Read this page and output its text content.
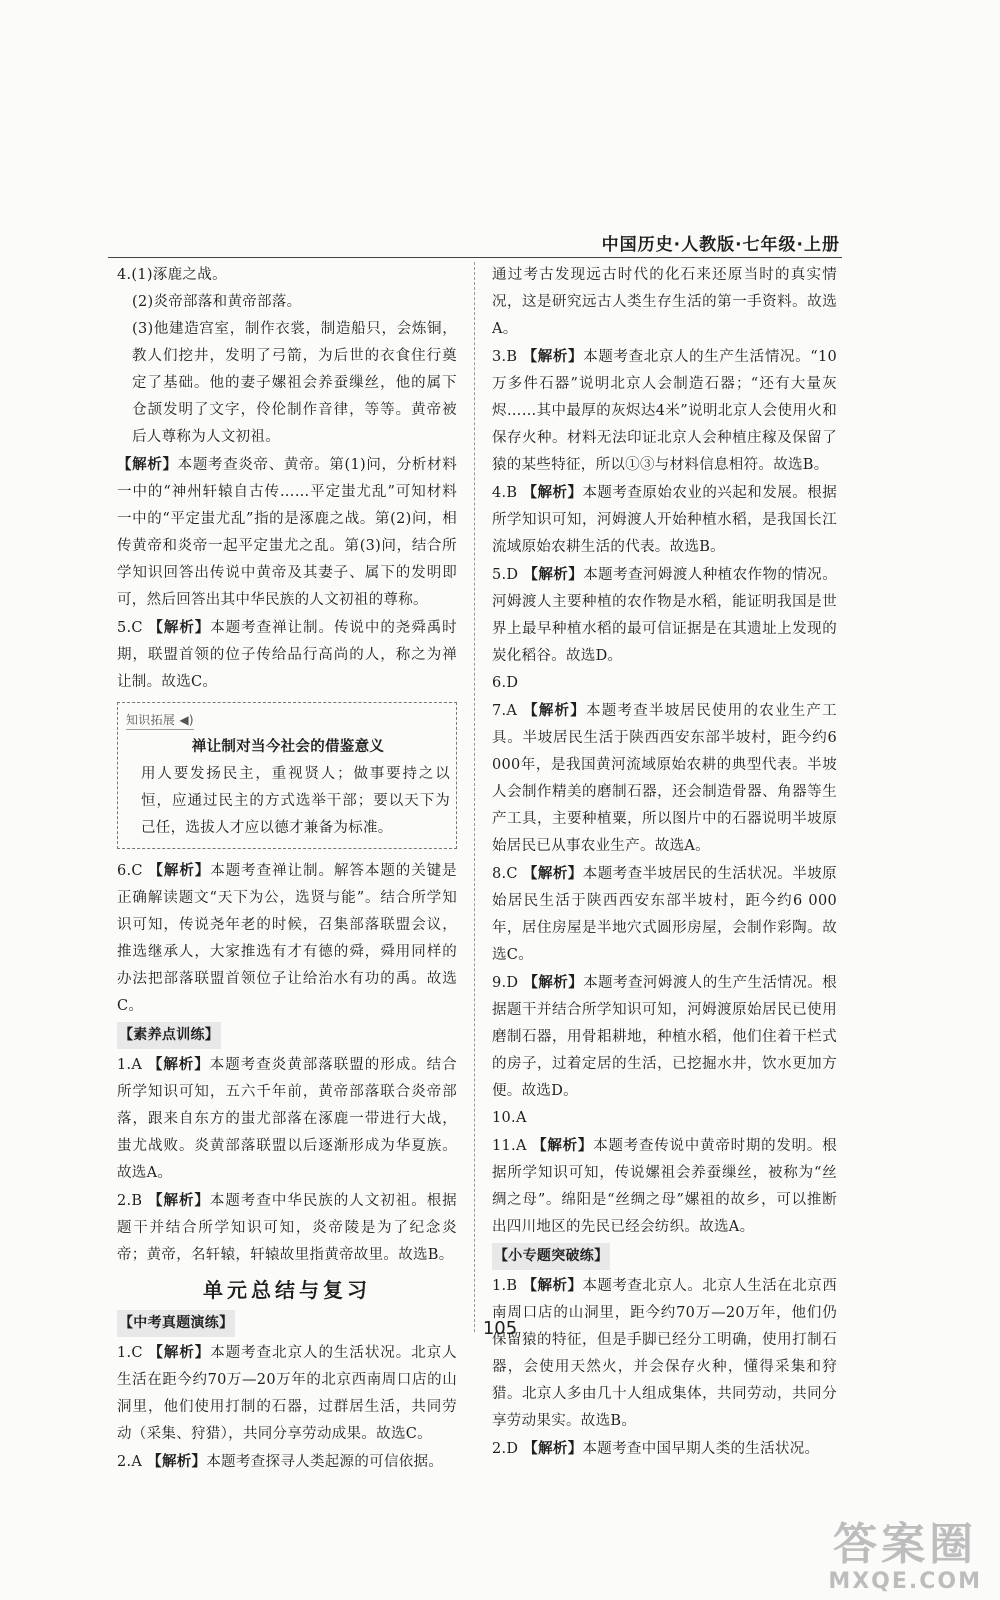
中国历史·人教版·七年级·上册

4.(1)涿鹿之战。

(2)炎帝部落和黄帝部落。

(3)他建造宫室，制作衣裳，制造船只，会炼铜，教人们挖井，发明了弓箭，为后世的衣食住行奠定了基础。他的妻子嫘祖会养蚕缫丝，他的属下仓颉发明了文字，伶伦制作音律，等等。黄帝被后人尊称为人文初祖。

【解析】本题考查炎帝、黄帝。第(1)问，分析材料一中的“神州轩辕自古传……平定蚩尤乱”可知材料一中的“平定蚩尤乱”指的是涿鹿之战。第(2)问，相传黄帝和炎帝一起平定蚩尤之乱。第(3)问，结合所学知识回答出传说中黄帝及其妻子、属下的发明即可，然后回答出其中华民族的人文初祖的尊称。

5.C 【解析】本题考查禅让制。传说中的尧舜禹时期，联盟首领的位子传给品行高尚的人，称之为禅让制。故选C。

知识拓展 ◀)
禅让制对当今社会的借鉴意义

用人要发扬民主，重视贤人；做事要持之以恒，应通过民主的方式选举干部；要以天下为己任，选拔人才应以德才兼备为标准。

6.C 【解析】本题考查禅让制。解答本题的关键是正确解读题文“天下为公，选贤与能”。结合所学知识可知，传说尧年老的时候，召集部落联盟会议，推选继承人，大家推选有才有德的舜，舜用同样的办法把部落联盟首领位子让给治水有功的禹。故选C。

【素养点训练】

1.A 【解析】本题考查炎黄部落联盟的形成。结合所学知识可知，五六千年前，黄帝部落联合炎帝部落，跟来自东方的蚩尤部落在涿鹿一带进行大战，蚩尤战败。炎黄部落联盟以后逐渐形成为华夏族。故选A。

2.B 【解析】本题考查中华民族的人文初祖。根据题干并结合所学知识可知，炎帝陵是为了纪念炎帝；黄帝，名轩辕，轩辕故里指黄帝故里。故选B。

单元总结与复习
【中考真题演练】

1.C 【解析】本题考查北京人的生活状况。北京人生活在距今约70万—20万年的北京西南周口店的山洞里，他们使用打制的石器，过群居生活，共同劳动（采集、狩猎），共同分享劳动成果。故选C。

2.A 【解析】本题考查探寻人类起源的可信依据。

通过考古发现远古时代的化石来还原当时的真实情况，这是研究远古人类生存生活的第一手资料。故选A。

3.B 【解析】本题考查北京人的生产生活情况。“10万多件石器”说明北京人会制造石器；“还有大量灰烬……其中最厚的灰烬达4米”说明北京人会使用火和保存火种。材料无法印证北京人会种植庄稼及保留了猿的某些特征，所以①③与材料信息相符。故选B。

4.B 【解析】本题考查原始农业的兴起和发展。根据所学知识可知，河姆渡人开始种植水稻，是我国长江流域原始农耕生活的代表。故选B。

5.D 【解析】本题考查河姆渡人种植农作物的情况。河姆渡人主要种植的农作物是水稻，能证明我国是世界上最早种植水稻的最可信证据是在其遗址上发现的炭化稻谷。故选D。

6.D

7.A 【解析】本题考查半坡居民使用的农业生产工具。半坡居民生活于陕西西安东部半坡村，距今约6 000年，是我国黄河流域原始农耕的典型代表。半坡人会制作精美的磨制石器，还会制造骨器、角器等生产工具，主要种植粟，所以图片中的石器说明半坡原始居民已从事农业生产。故选A。

8.C 【解析】本题考查半坡居民的生活状况。半坡原始居民生活于陕西西安东部半坡村，距今约6 000年，居住房屋是半地穴式圆形房屋，会制作彩陶。故选C。

9.D 【解析】本题考查河姆渡人的生产生活情况。根据题干并结合所学知识可知，河姆渡原始居民已使用磨制石器，用骨耜耕地，种植水稻，他们住着干栏式的房子，过着定居的生活，已挖掘水井，饮水更加方便。故选D。

10.A

11.A 【解析】本题考查传说中黄帝时期的发明。根据所学知识可知，传说嫘祖会养蚕缫丝，被称为“丝绸之母”。绵阳是“丝绸之母”嫘祖的故乡，可以推断出四川地区的先民已经会纺织。故选A。

【小专题突破练】

1.B 【解析】本题考查北京人。北京人生活在北京西南周口店的山洞里，距今约70万—20万年，他们仍保留猿的特征，但是手脚已经分工明确，使用打制石器，会使用天然火，并会保存火种，懂得采集和狩猎。北京人多由几十人组成集体，共同劳动，共同分享劳动果实。故选B。

2.D 【解析】本题考查中国早期人类的生活状况。

105
答案圈
MXQE.COM
